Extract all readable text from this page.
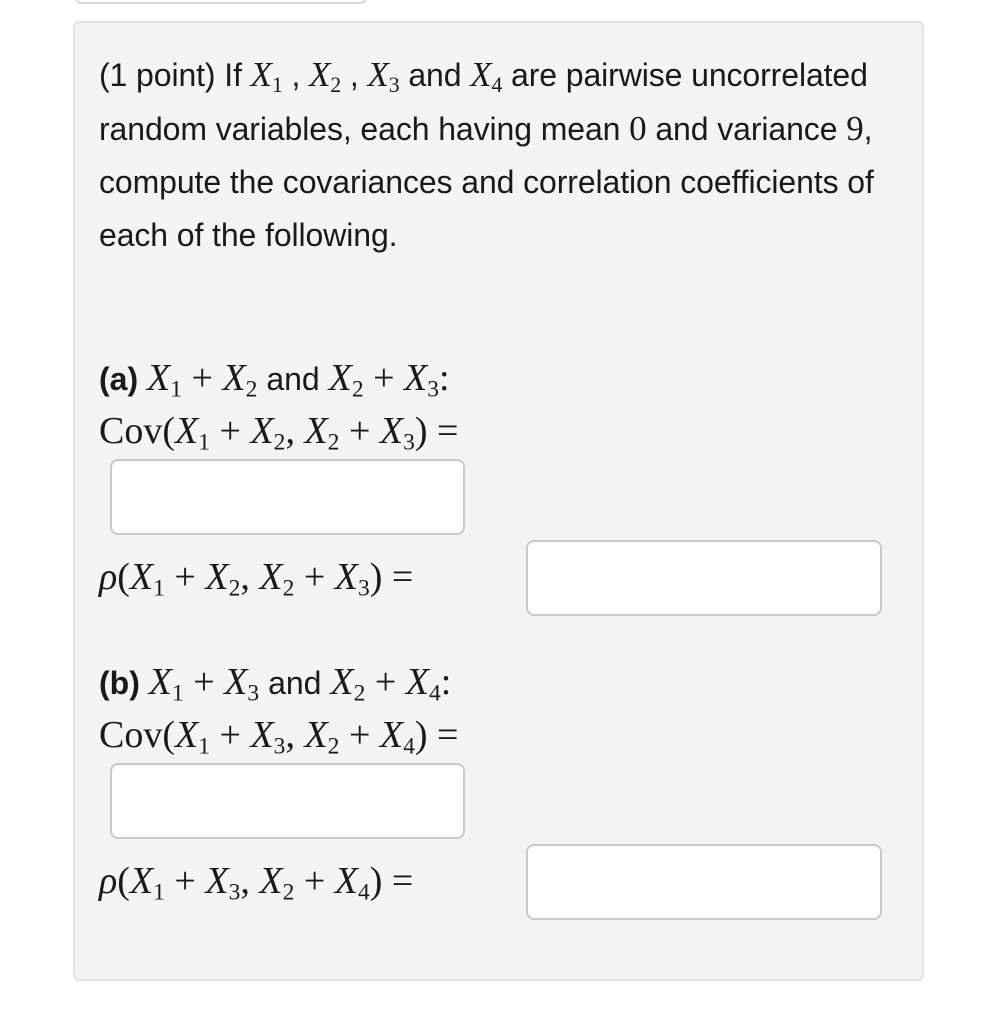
(1 point) If $X_1$ , $X_2$ , $X_3$ and $X_4$ are pairwise uncorrelated random variables, each having mean 0 and variance 9, compute the covariances and correlation coefficients of each of the following.
(a) $X_1 + X_2$ and $X_2 + X_3$:
$Cov(X_1 + X_2$, $X_2 + X_3$) =
$\rho(X_1 + X_2$, $X_2 + X_3$) =
(b) $X_1 + X_3$ and $X_2 + X_4$:
$Cov(X_1 + X_3$, $X_2 + X_4$) =
$\rho(X_1 + X_3$, $X_2 + X_4$) =
